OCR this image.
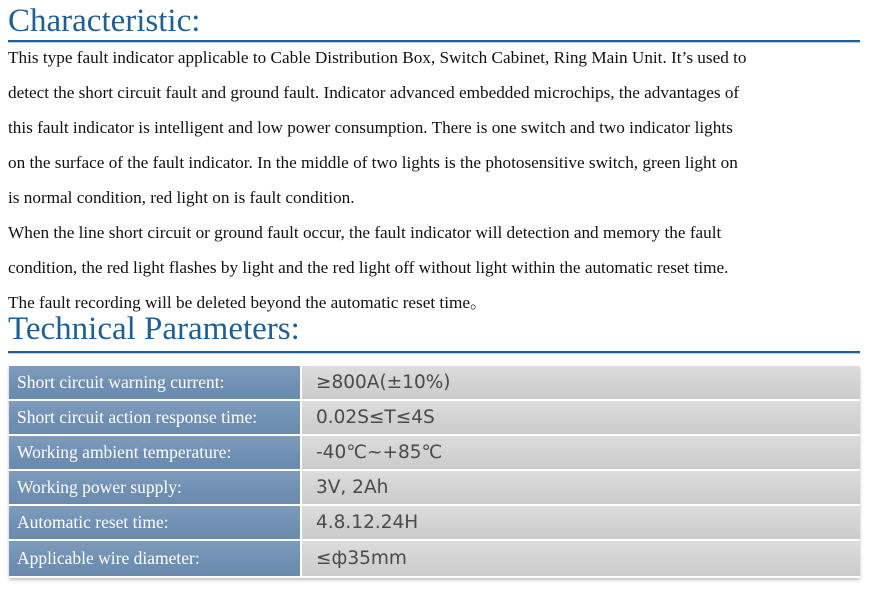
Characteristic:

This type fault indicator applicable to Cable Distribution Box, Switch Cabinet, Ring Main Unit. It’s used to

detect the short circuit fault and ground fault. Indicator advanced embedded microchips, the advantages of

this fault indicator is intelligent and low power consumption. There is one switch and two indicator lights

on the surface of the fault indicator. In the middle of two lights is the photosensitive switch, green light on

is normal condition, red light on is fault condition.

When the line short circuit or ground fault occur, the fault indicator will detection and memory the fault

condition, the red light flashes by light and the red light off without light within the automatic reset time.

The fault recording will be deleted beyond the automatic reset time。

Technical Parameters:
Short circuit warning current:	≥800A(±10%)
Short circuit action response time:	0.02S≤T≤4S
Working ambient temperature:	-40℃~+85℃
Working power supply:	3V, 2Ah
Automatic reset time:	4.8.12.24H
Applicable wire diameter:	≤ф35mm
